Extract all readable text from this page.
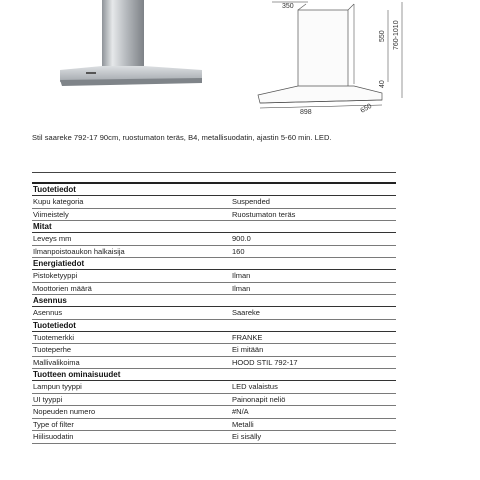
350
550 760-1010
40
898	650
Stil saareke 792-17 90cm, ruostumaton teräs, B4, metallisuodatin, ajastin 5-60 min. LED.
Tuotetiedot
Kupu kategoria	Suspended
Viimeistely	Ruostumaton teräs
Mitat
Leveys mm	900.0
Ilmanpoistoaukon halkaisija	160
Energiatiedot
Pistoketyyppi	Ilman
Moottorien määrä	Ilman
Asennus
Asennus	Saareke
Tuotetiedot
Tuotemerkki	FRANKE
Tuoteperhe	Ei mitään
Mallivalikoima	HOOD STIL 792-17
Tuotteen ominaisuudet
Lampun tyyppi	LED valaistus
UI tyyppi	Painonapit neliö
Nopeuden numero	#N/A
Type of filter	Metalli
Hiilisuodatin	Ei sisälly
